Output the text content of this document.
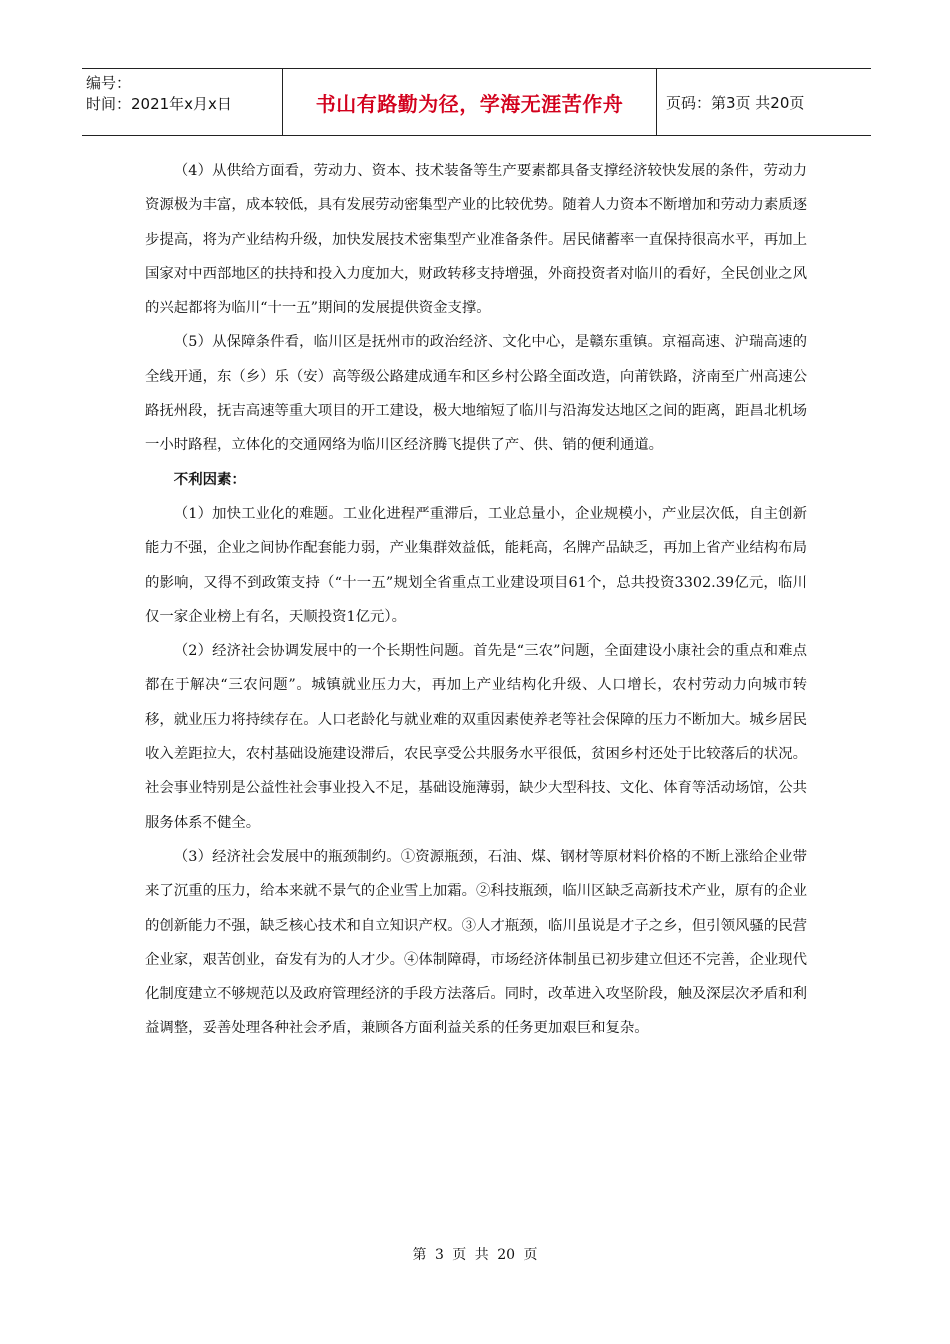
编号：
时间：2021年x月x日	书山有路勤为径，学海无涯苦作舟	页码：第3页 共20页

（4）从供给方面看，劳动力、资本、技术装备等生产要素都具备支撑经济较快发展的条件，劳动力资源极为丰富，成本较低，具有发展劳动密集型产业的比较优势。随着人力资本不断增加和劳动力素质逐步提高，将为产业结构升级，加快发展技术密集型产业准备条件。居民储蓄率一直保持很高水平，再加上国家对中西部地区的扶持和投入力度加大，财政转移支持增强，外商投资者对临川的看好，全民创业之风的兴起都将为临川“十一五”期间的发展提供资金支撑。

（5）从保障条件看，临川区是抚州市的政治经济、文化中心，是赣东重镇。京福高速、沪瑞高速的全线开通，东（乡）乐（安）高等级公路建成通车和区乡村公路全面改造，向莆铁路，济南至广州高速公路抚州段，抚吉高速等重大项目的开工建设，极大地缩短了临川与沿海发达地区之间的距离，距昌北机场一小时路程，立体化的交通网络为临川区经济腾飞提供了产、供、销的便利通道。

不利因素：

（1）加快工业化的难题。工业化进程严重滞后，工业总量小，企业规模小，产业层次低，自主创新能力不强，企业之间协作配套能力弱，产业集群效益低，能耗高，名牌产品缺乏，再加上省产业结构布局的影响，又得不到政策支持（“十一五”规划全省重点工业建设项目61个，总共投资3302.39亿元，临川仅一家企业榜上有名，天顺投资1亿元）。

（2）经济社会协调发展中的一个长期性问题。首先是“三农”问题，全面建设小康社会的重点和难点都在于解决“三农问题”。城镇就业压力大，再加上产业结构化升级、人口增长，农村劳动力向城市转移，就业压力将持续存在。人口老龄化与就业难的双重因素使养老等社会保障的压力不断加大。城乡居民收入差距拉大，农村基础设施建设滞后，农民享受公共服务水平很低，贫困乡村还处于比较落后的状况。社会事业特别是公益性社会事业投入不足，基础设施薄弱，缺少大型科技、文化、体育等活动场馆，公共服务体系不健全。

（3）经济社会发展中的瓶颈制约。①资源瓶颈，石油、煤、钢材等原材料价格的不断上涨给企业带来了沉重的压力，给本来就不景气的企业雪上加霜。②科技瓶颈，临川区缺乏高新技术产业，原有的企业的创新能力不强，缺乏核心技术和自立知识产权。③人才瓶颈，临川虽说是才子之乡，但引领风骚的民营企业家，艰苦创业，奋发有为的人才少。④体制障碍，市场经济体制虽已初步建立但还不完善，企业现代化制度建立不够规范以及政府管理经济的手段方法落后。同时，改革进入攻坚阶段，触及深层次矛盾和利益调整，妥善处理各种社会矛盾，兼顾各方面利益关系的任务更加艰巨和复杂。

第 3 页 共 20 页
